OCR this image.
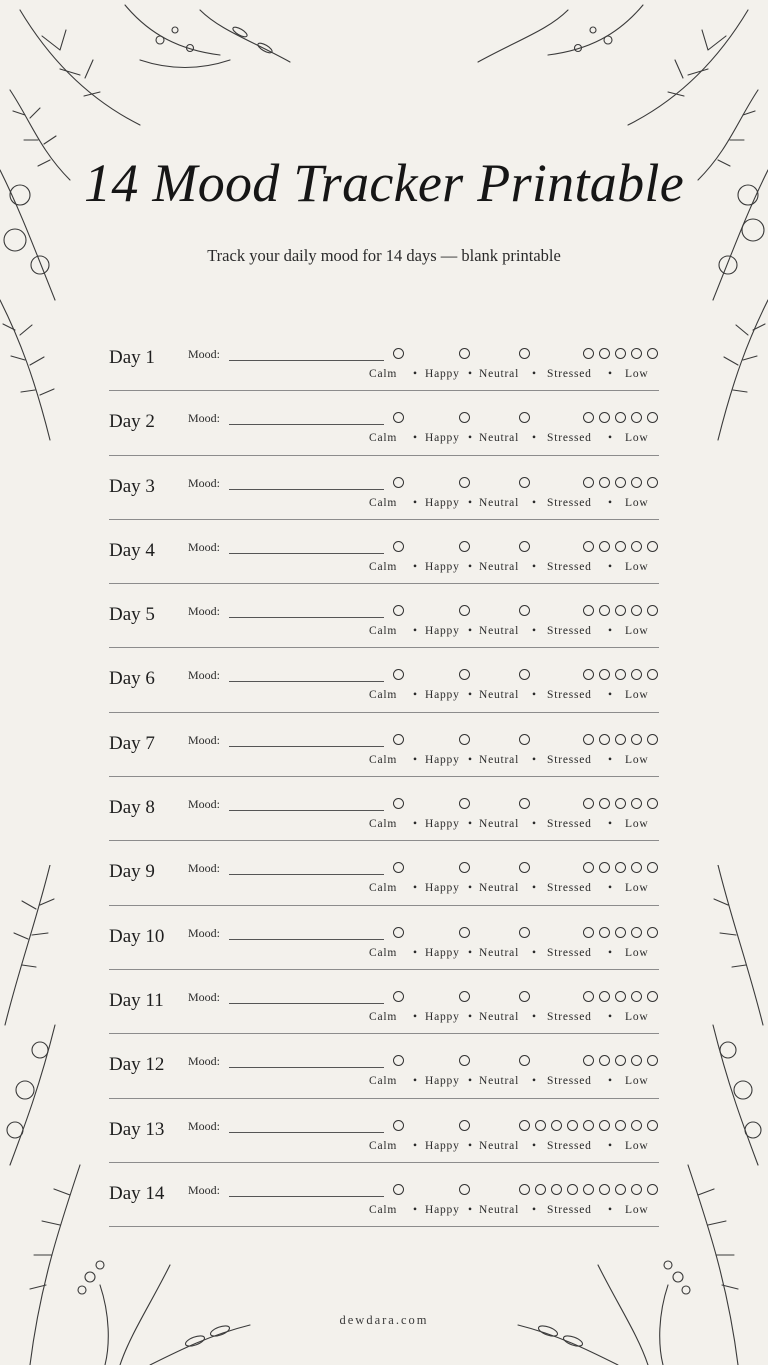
14 Mood Tracker Printable
Track your daily mood for 14 days — blank printable
Day 1	Mood:
Calm • Happy • Neutral • Stressed • Low
Day 2	Mood:
Calm • Happy • Neutral • Stressed • Low
Day 3	Mood:
Calm • Happy • Neutral • Stressed • Low
Day 4	Mood:
Calm • Happy • Neutral • Stressed • Low
Day 5	Mood:
Calm • Happy • Neutral • Stressed • Low
Day 6	Mood:
Calm • Happy • Neutral • Stressed • Low
Day 7	Mood:
Calm • Happy • Neutral • Stressed • Low
Day 8	Mood:
Calm • Happy • Neutral • Stressed • Low
Day 9	Mood:
Calm • Happy • Neutral • Stressed • Low
Day 10 Mood:
Calm • Happy • Neutral • Stressed • Low
Day 11 Mood:
Calm • Happy • Neutral • Stressed • Low
Day 12 Mood:
Calm • Happy • Neutral • Stressed • Low
Day 13 Mood:
Calm • Happy • Neutral • Stressed • Low
Day 14 Mood:
Calm • Happy • Neutral • Stressed • Low
dewdara.com
